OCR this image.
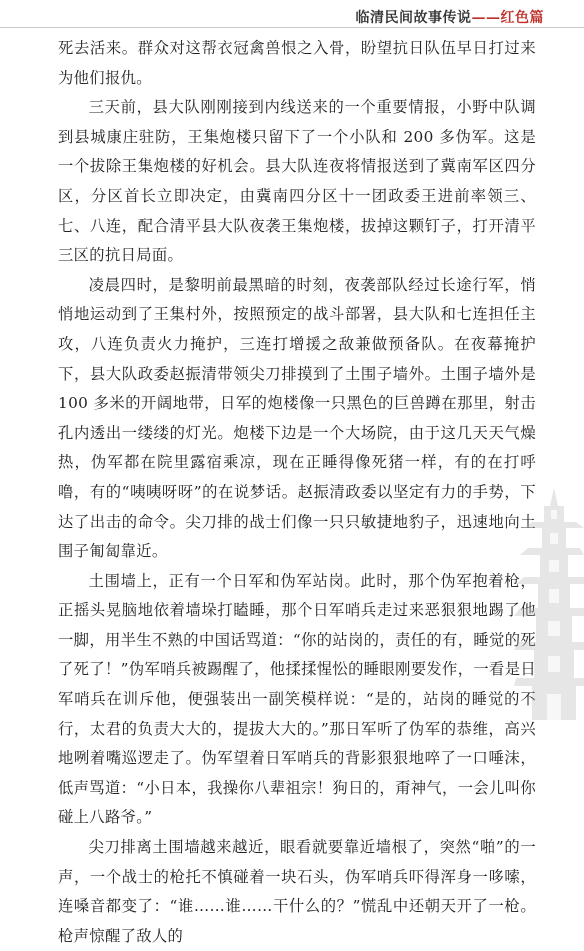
临清民间故事传说——红色篇

死去活来。群众对这帮衣冠禽兽恨之入骨，盼望抗日队伍早日打过来为他们报仇。

三天前，县大队刚刚接到内线送来的一个重要情报，小野中队调到县城康庄驻防，王集炮楼只留下了一个小队和 200 多伪军。这是一个拔除王集炮楼的好机会。县大队连夜将情报送到了冀南军区四分区，分区首长立即决定，由冀南四分区十一团政委王进前率领三、七、八连，配合清平县大队夜袭王集炮楼，拔掉这颗钉子，打开清平三区的抗日局面。

凌晨四时，是黎明前最黑暗的时刻，夜袭部队经过长途行军，悄悄地运动到了王集村外，按照预定的战斗部署，县大队和七连担任主攻，八连负责火力掩护，三连打增援之敌兼做预备队。在夜幕掩护下，县大队政委赵振清带领尖刀排摸到了土围子墙外。土围子墙外是 100 多米的开阔地带，日军的炮楼像一只黑色的巨兽蹲在那里，射击孔内透出一缕缕的灯光。炮楼下边是一个大场院，由于这几天天气燥热，伪军都在院里露宿乘凉，现在正睡得像死猪一样，有的在打呼噜，有的“咦咦呀呀”的在说梦话。赵振清政委以坚定有力的手势，下达了出击的命令。尖刀排的战士们像一只只敏捷地豹子，迅速地向土围子匍匐靠近。

土围墙上，正有一个日军和伪军站岗。此时，那个伪军抱着枪，正摇头晃脑地依着墙垛打瞌睡，那个日军哨兵走过来恶狠狠地踢了他一脚，用半生不熟的中国话骂道：“你的站岗的，责任的有，睡觉的死了死了！”伪军哨兵被踢醒了，他揉揉惺忪的睡眼刚要发作，一看是日军哨兵在训斥他，便强装出一副笑模样说：“是的，站岗的睡觉的不行，太君的负责大大的，提拔大大的。”那日军听了伪军的恭维，高兴地咧着嘴巡逻走了。伪军望着日军哨兵的背影狠狠地啐了一口唾沫，低声骂道：“小日本，我操你八辈祖宗！狗日的，甭神气，一会儿叫你碰上八路爷。”

尖刀排离土围墙越来越近，眼看就要靠近墙根了，突然“啪”的一声，一个战士的枪托不慎碰着一块石头，伪军哨兵吓得浑身一哆嗦，连嗓音都变了：“谁……谁……干什么的？”慌乱中还朝天开了一枪。枪声惊醒了敌人的
